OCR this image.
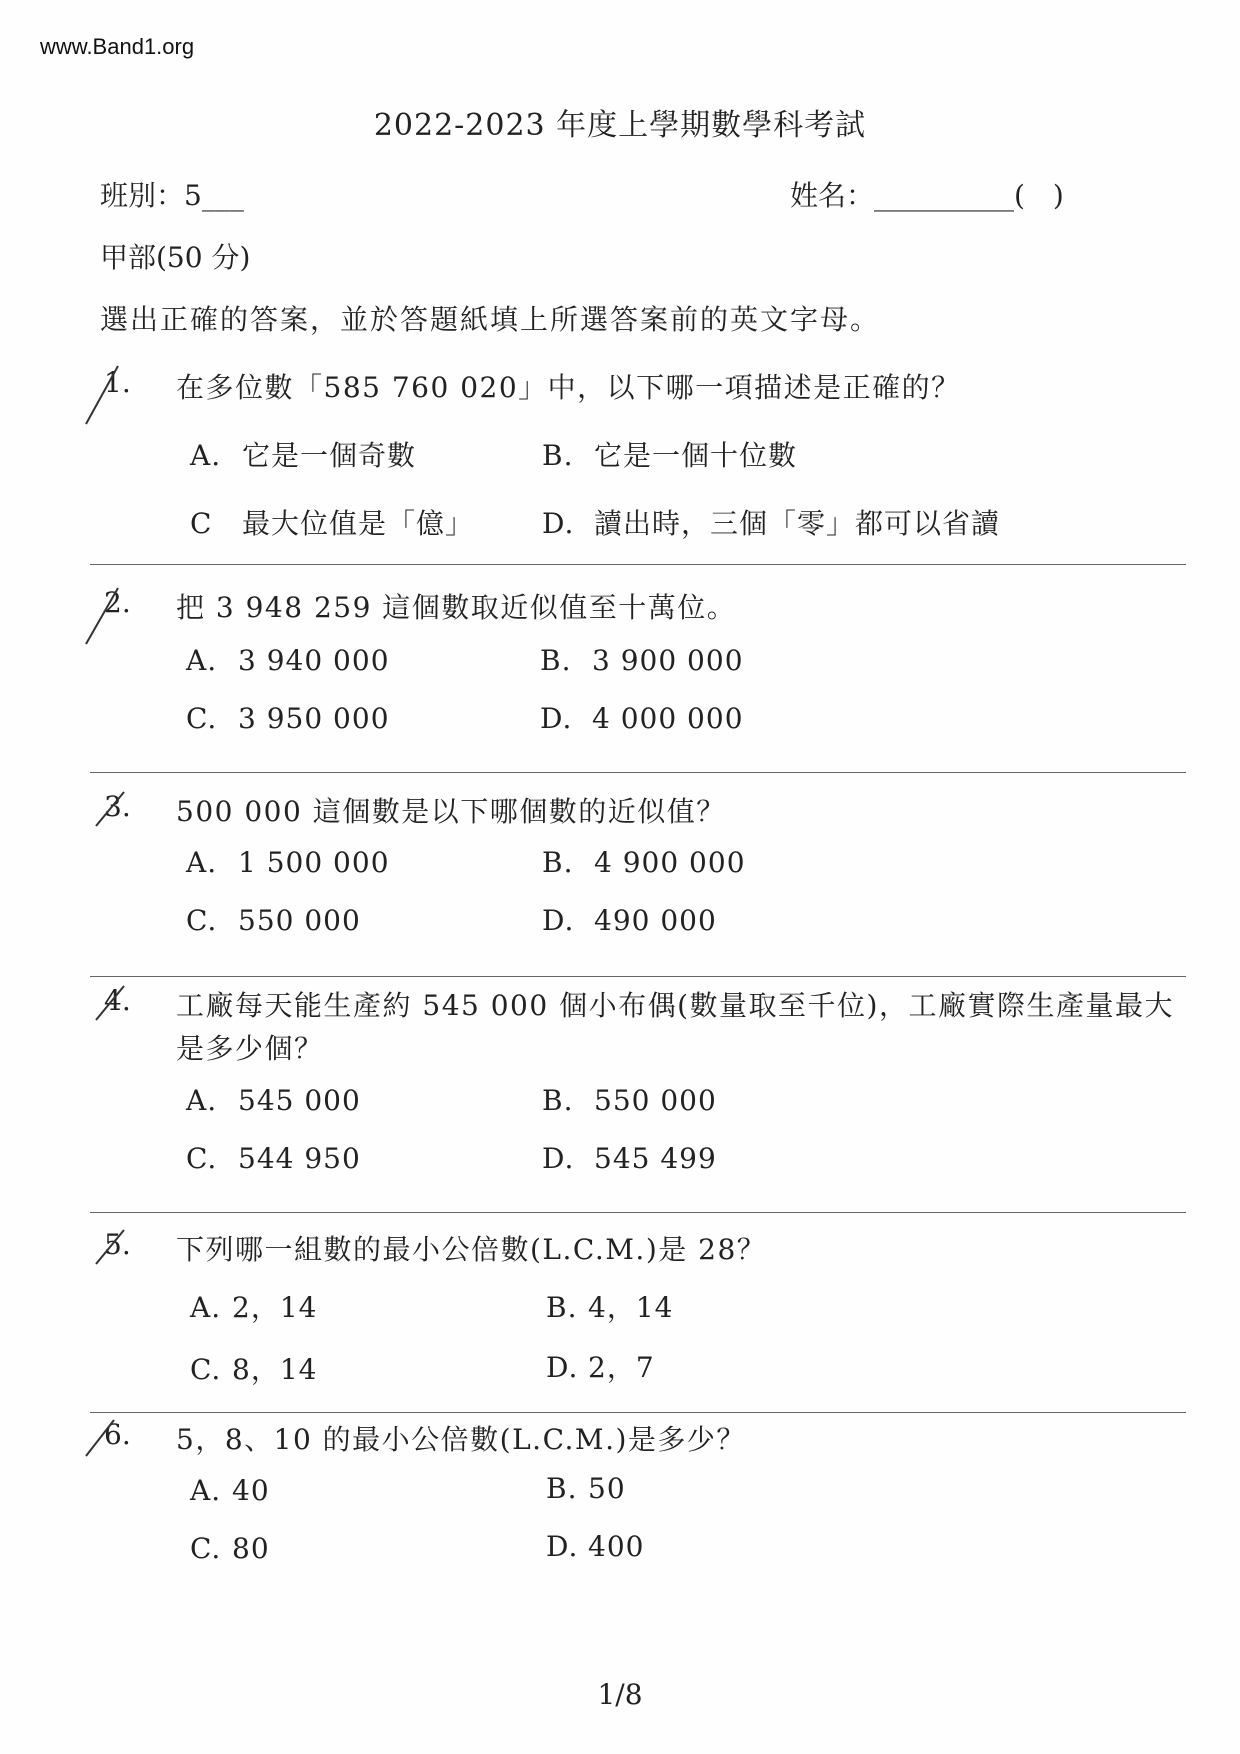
www.Band1.org
2022-2023 年度上學期數學科考試
班別：5___	姓名：__________(　)
甲部(50 分)
選出正確的答案，並於答題紙填上所選答案前的英文字母。
1.	在多位數「585 760 020」中，以下哪一項描述是正確的？
A. 它是一個奇數	B. 它是一個十位數
C 最大位值是「億」 D. 讀出時，三個「零」都可以省讀
2.	把 3 948 259 這個數取近似值至十萬位。
A. 3 940 000	B. 3 900 000
C. 3 950 000	D. 4 000 000
3.	500 000 這個數是以下哪個數的近似值？
A. 1 500 000	B. 4 900 000
C. 550 000	D. 490 000
4.	工廠每天能生產約 545 000 個小布偶(數量取至千位)，工廠實際生產量最大是多少個？
A. 545 000	B. 550 000
C. 544 950	D. 545 499
5.	下列哪一組數的最小公倍數(L.C.M.)是 28？
A. 2，14	B. 4，14
C. 8，14	D. 2，7
6.	5，8、10 的最小公倍數(L.C.M.)是多少？
A. 40	B. 50
C. 80	D. 400
1/8
